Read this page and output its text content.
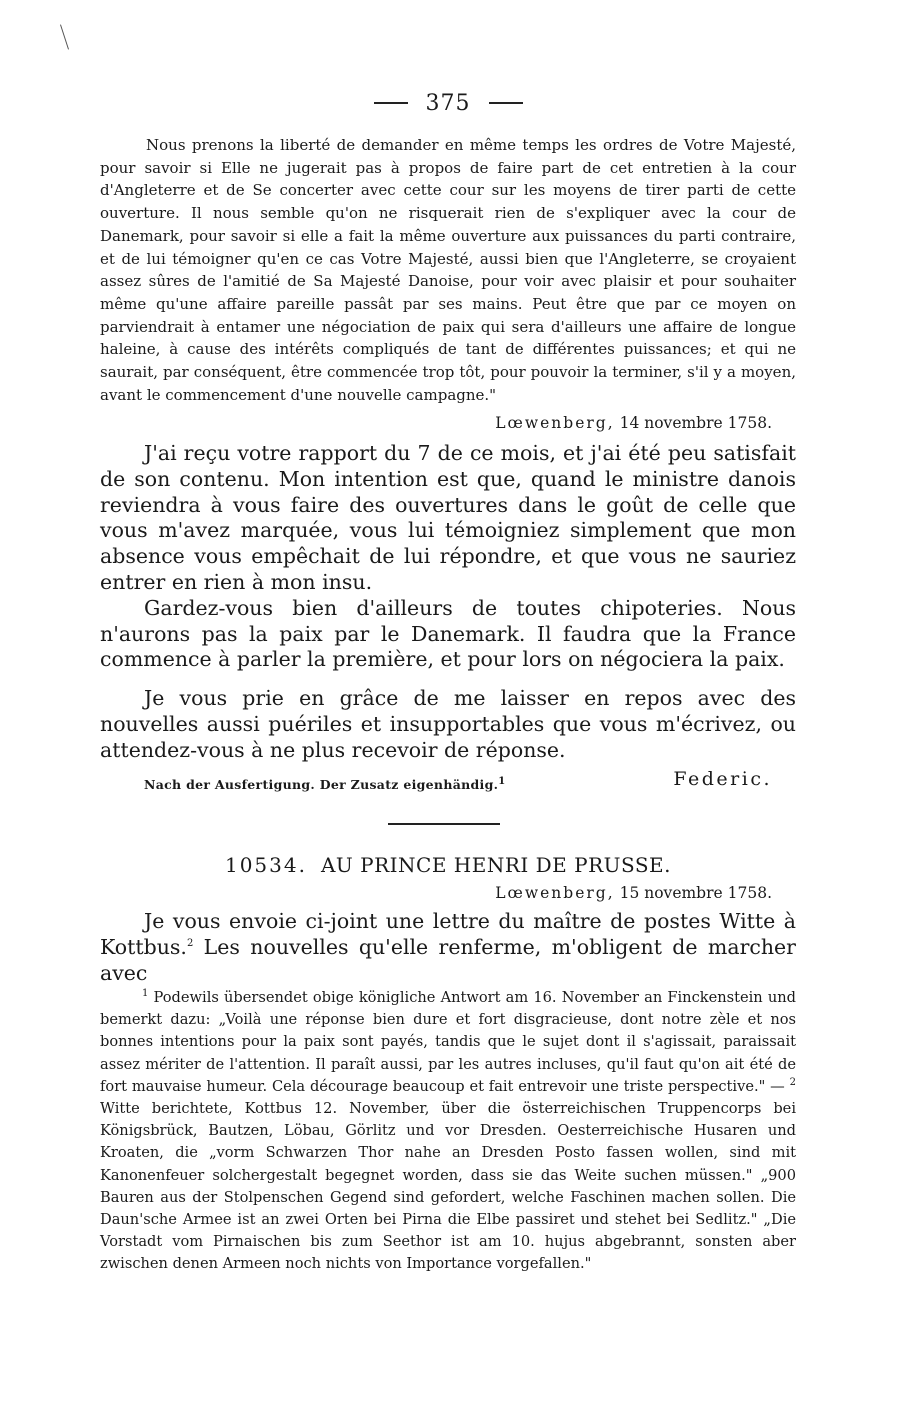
375

Nous prenons la liberté de demander en même temps les ordres de Votre Majesté, pour savoir si Elle ne jugerait pas à propos de faire part de cet entretien à la cour d'Angleterre et de Se concerter avec cette cour sur les moyens de tirer parti de cette ouverture. Il nous semble qu'on ne risquerait rien de s'expliquer avec la cour de Danemark, pour savoir si elle a fait la même ouverture aux puissances du parti contraire, et de lui témoigner qu'en ce cas Votre Majesté, aussi bien que l'Angleterre, se croyaient assez sûres de l'amitié de Sa Majesté Danoise, pour voir avec plaisir et pour souhaiter même qu'une affaire pareille passât par ses mains. Peut être que par ce moyen on parviendrait à entamer une négociation de paix qui sera d'ailleurs une affaire de longue haleine, à cause des intérêts compliqués de tant de différentes puissances; et qui ne saurait, par conséquent, être commencée trop tôt, pour pouvoir la terminer, s'il y a moyen, avant le commencement d'une nouvelle campagne."

Lœwenberg, 14 novembre 1758.

J'ai reçu votre rapport du 7 de ce mois, et j'ai été peu satisfait de son contenu. Mon intention est que, quand le ministre danois reviendra à vous faire des ouvertures dans le goût de celle que vous m'avez marquée, vous lui témoigniez simplement que mon absence vous empêchait de lui répondre, et que vous ne sauriez entrer en rien à mon insu.

Gardez-vous bien d'ailleurs de toutes chipoteries. Nous n'aurons pas la paix par le Danemark. Il faudra que la France commence à parler la première, et pour lors on négociera la paix.

Je vous prie en grâce de me laisser en repos avec des nouvelles aussi puériles et insupportables que vous m'écrivez, ou attendez-vous à ne plus recevoir de réponse.

Nach der Ausfertigung. Der Zusatz eigenhändig.$^1$	Federic.
10534. AU PRINCE HENRI DE PRUSSE.
Lœwenberg, 15 novembre 1758.

Je vous envoie ci-joint une lettre du maître de postes Witte à Kottbus.$^2$ Les nouvelles qu'elle renferme, m'obligent de marcher avec

$^1$ Podewils übersendet obige königliche Antwort am 16. November an Finckenstein und bemerkt dazu: „Voilà une réponse bien dure et fort disgracieuse, dont notre zèle et nos bonnes intentions pour la paix sont payés, tandis que le sujet dont il s'agissait, paraissait assez mériter de l'attention. Il paraît aussi, par les autres incluses, qu'il faut qu'on ait été de fort mauvaise humeur. Cela décourage beaucoup et fait entrevoir une triste perspective." — $^2$ Witte berichtete, Kottbus 12. November, über die österreichischen Truppencorps bei Königsbrück, Bautzen, Löbau, Görlitz und vor Dresden. Oesterreichische Husaren und Kroaten, die „vorm Schwarzen Thor nahe an Dresden Posto fassen wollen, sind mit Kanonenfeuer solchergestalt begegnet worden, dass sie das Weite suchen müssen." „900 Bauren aus der Stolpenschen Gegend sind gefordert, welche Faschinen machen sollen. Die Daun'sche Armee ist an zwei Orten bei Pirna die Elbe passiret und stehet bei Sedlitz." „Die Vorstadt vom Pirnaischen bis zum Seethor ist am 10. hujus abgebrannt, sonsten aber zwischen denen Armeen noch nichts von Importance vorgefallen."
